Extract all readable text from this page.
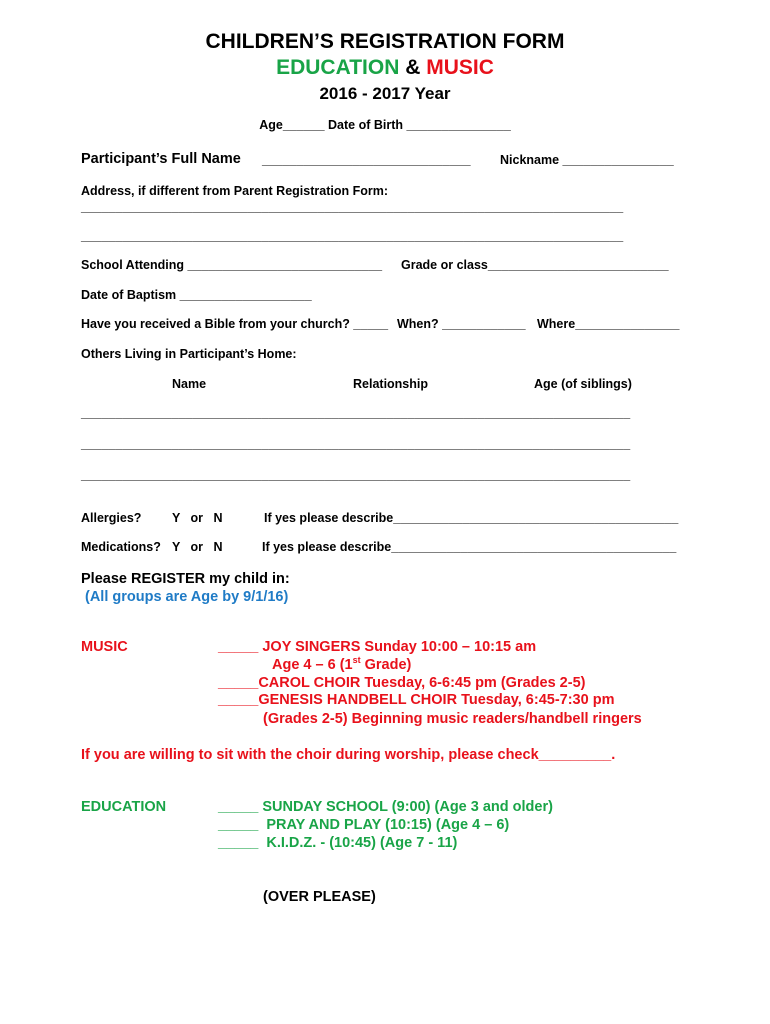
CHILDREN’S REGISTRATION FORM
EDUCATION & MUSIC
2016 - 2017 Year
Age______ Date of Birth _______________
Participant’s Full Name ______________________________ Nickname ________________
Address, if different from Parent Registration Form:
______________________________________________________________________________
______________________________________________________________________________
School Attending ____________________________ Grade or class__________________________
Date of Baptism ___________________
Have you received a Bible from your church? _____ When? ____________ Where_______________
Others Living in Participant’s Home:
Name	Relationship	Age (of siblings)
_______________________________________________________________________________
_______________________________________________________________________________
_______________________________________________________________________________
Allergies? Y   or   N	If yes please describe_________________________________________
Medications? Y   or   N	If yes please describe_________________________________________
Please REGISTER my child in:
(All groups are Age by 9/1/16)
MUSIC	_____ JOY SINGERS Sunday 10:00 – 10:15 am
Age 4 – 6 (1st Grade)
_____CAROL CHOIR Tuesday, 6-6:45 pm (Grades 2-5)
_____GENESIS HANDBELL CHOIR Tuesday, 6:45-7:30 pm
(Grades 2-5) Beginning music readers/handbell ringers
If you are willing to sit with the choir during worship, please check_________.
EDUCATION	_____ SUNDAY SCHOOL (9:00) (Age 3 and older)
_____  PRAY AND PLAY (10:15) (Age 4 – 6)
_____  K.I.D.Z. - (10:45) (Age 7 - 11)
(OVER PLEASE)
